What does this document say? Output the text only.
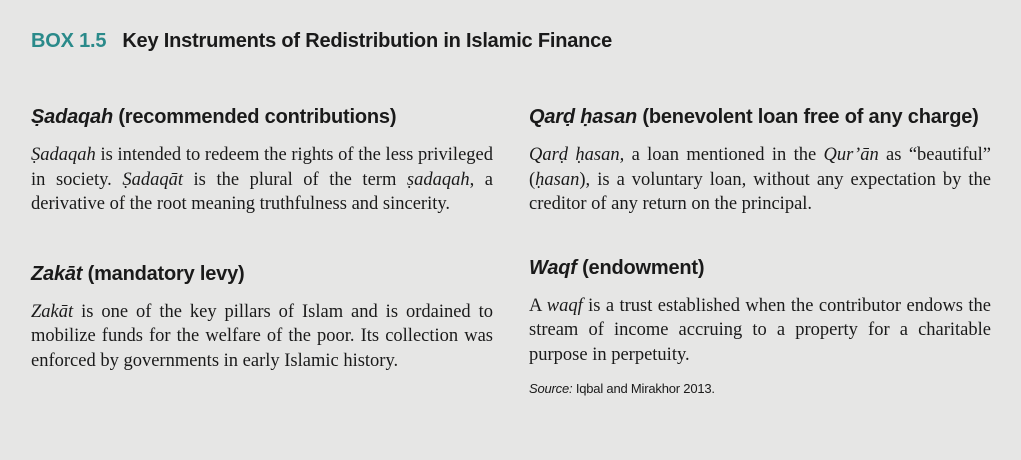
BOX 1.5 Key Instruments of Redistribution in Islamic Finance
Ṣadaqah (recommended contributions)

Ṣadaqah is intended to redeem the rights of the less privileged in society. Ṣadaqāt is the plural of the term ṣadaqah, a derivative of the root meaning truthfulness and sincerity.

Zakāt (mandatory levy)

Zakāt is one of the key pillars of Islam and is ordained to mobilize funds for the welfare of the poor. Its collection was enforced by governments in early Islamic history.

Qarḍ ḥasan (benevolent loan free of any charge)

Qarḍ ḥasan, a loan mentioned in the Qur’ān as “beautiful” (ḥasan), is a voluntary loan, without any expectation by the creditor of any return on the principal.

Waqf (endowment)

A waqf is a trust established when the contributor endows the stream of income accruing to a property for a charitable purpose in perpetuity.

Source: Iqbal and Mirakhor 2013.
